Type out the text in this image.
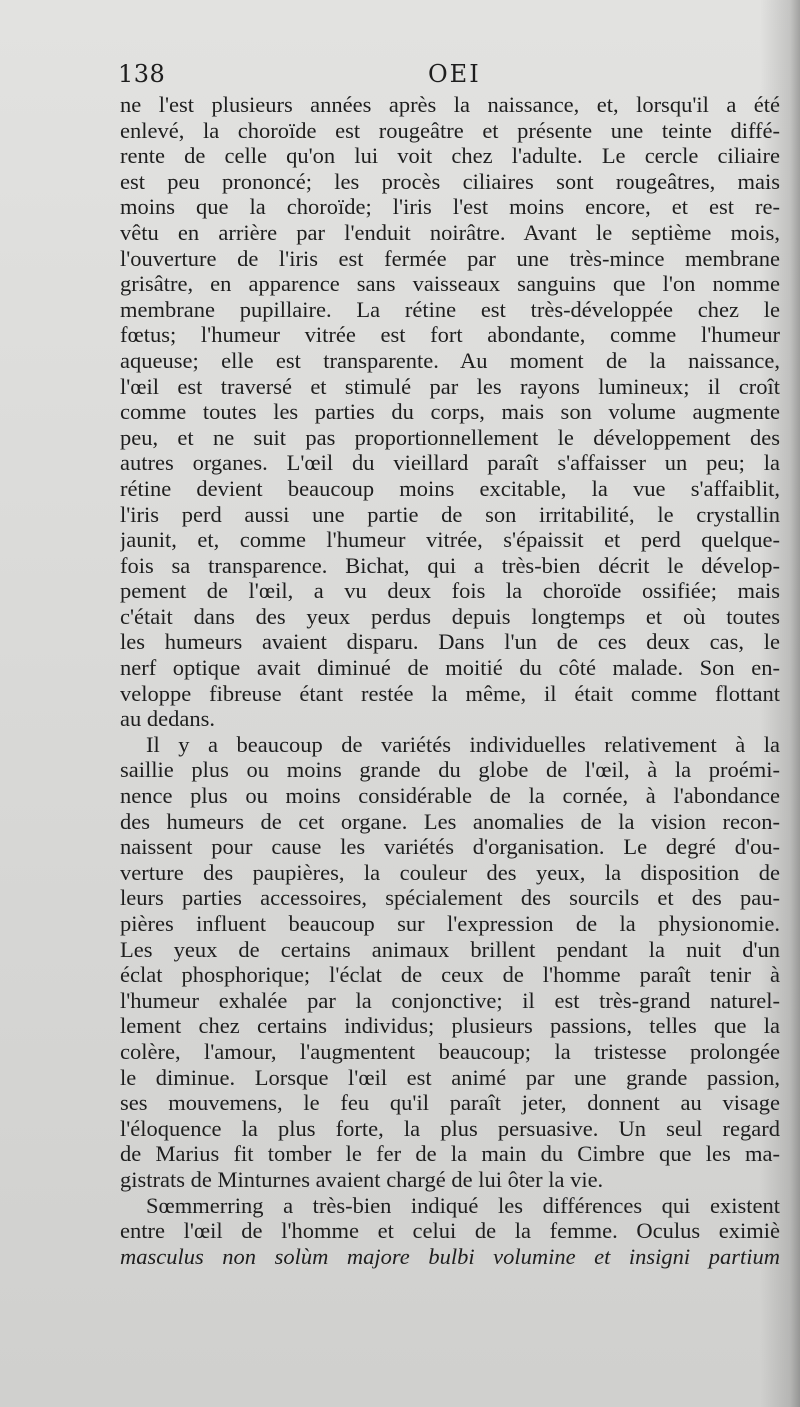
138	OEI
ne l'est plusieurs années après la naissance, et, lorsqu'il a été
enlevé, la choroïde est rougeâtre et présente une teinte diffé-
rente de celle qu'on lui voit chez l'adulte. Le cercle ciliaire
est peu prononcé; les procès ciliaires sont rougeâtres, mais
moins que la choroïde; l'iris l'est moins encore, et est re-
vêtu en arrière par l'enduit noirâtre. Avant le septième mois,
l'ouverture de l'iris est fermée par une très-mince membrane
grisâtre, en apparence sans vaisseaux sanguins que l'on nomme
membrane pupillaire. La rétine est très-développée chez le
fœtus; l'humeur vitrée est fort abondante, comme l'humeur
aqueuse; elle est transparente. Au moment de la naissance,
l'œil est traversé et stimulé par les rayons lumineux; il croît
comme toutes les parties du corps, mais son volume augmente
peu, et ne suit pas proportionnellement le développement des
autres organes. L'œil du vieillard paraît s'affaisser un peu; la
rétine devient beaucoup moins excitable, la vue s'affaiblit,
l'iris perd aussi une partie de son irritabilité, le crystallin
jaunit, et, comme l'humeur vitrée, s'épaissit et perd quelque-
fois sa transparence. Bichat, qui a très-bien décrit le dévelop-
pement de l'œil, a vu deux fois la choroïde ossifiée; mais
c'était dans des yeux perdus depuis longtemps et où toutes
les humeurs avaient disparu. Dans l'un de ces deux cas, le
nerf optique avait diminué de moitié du côté malade. Son en-
veloppe fibreuse étant restée la même, il était comme flottant
au dedans.
Il y a beaucoup de variétés individuelles relativement à la
saillie plus ou moins grande du globe de l'œil, à la proémi-
nence plus ou moins considérable de la cornée, à l'abondance
des humeurs de cet organe. Les anomalies de la vision recon-
naissent pour cause les variétés d'organisation. Le degré d'ou-
verture des paupières, la couleur des yeux, la disposition de
leurs parties accessoires, spécialement des sourcils et des pau-
pières influent beaucoup sur l'expression de la physionomie.
Les yeux de certains animaux brillent pendant la nuit d'un
éclat phosphorique; l'éclat de ceux de l'homme paraît tenir à
l'humeur exhalée par la conjonctive; il est très-grand naturel-
lement chez certains individus; plusieurs passions, telles que la
colère, l'amour, l'augmentent beaucoup; la tristesse prolongée
le diminue. Lorsque l'œil est animé par une grande passion,
ses mouvemens, le feu qu'il paraît jeter, donnent au visage
l'éloquence la plus forte, la plus persuasive. Un seul regard
de Marius fit tomber le fer de la main du Cimbre que les ma-
gistrats de Minturnes avaient chargé de lui ôter la vie.
Sœmmerring a très-bien indiqué les différences qui existent
entre l'œil de l'homme et celui de la femme. Oculus eximiè
masculus non solùm majore bulbi volumine et insigni partium
